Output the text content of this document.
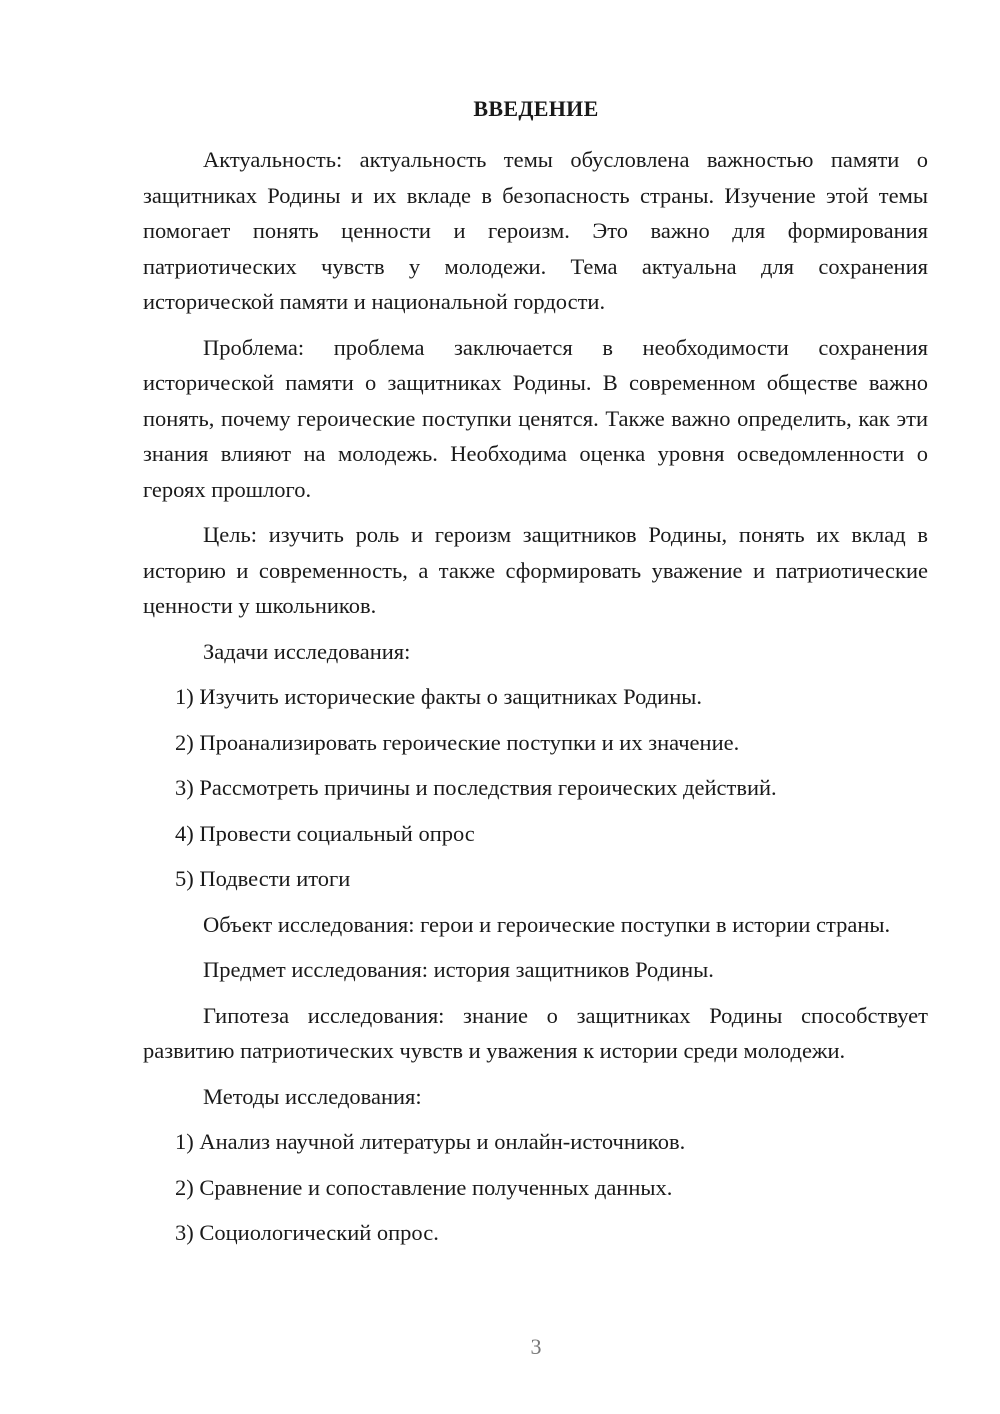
ВВЕДЕНИЕ

Актуальность: актуальность темы обусловлена важностью памяти о защитниках Родины и их вкладе в безопасность страны. Изучение этой темы помогает понять ценности и героизм. Это важно для формирования патриотических чувств у молодежи. Тема актуальна для сохранения исторической памяти и национальной гордости.

Проблема: проблема заключается в необходимости сохранения исторической памяти о защитниках Родины. В современном обществе важно понять, почему героические поступки ценятся. Также важно определить, как эти знания влияют на молодежь. Необходима оценка уровня осведомленности о героях прошлого.

Цель: изучить роль и героизм защитников Родины, понять их вклад в историю и современность, а также сформировать уважение и патриотические ценности у школьников.

Задачи исследования:

1) Изучить исторические факты о защитниках Родины.
2) Проанализировать героические поступки и их значение.
3) Рассмотреть причины и последствия героических действий.
4) Провести социальный опрос
5) Подвести итоги

Объект исследования: герои и героические поступки в истории страны.

Предмет исследования: история защитников Родины.

Гипотеза исследования: знание о защитниках Родины способствует развитию патриотических чувств и уважения к истории среди молодежи.

Методы исследования:

1) Анализ научной литературы и онлайн-источников.
2) Сравнение и сопоставление полученных данных.
3) Социологический опрос.
3
